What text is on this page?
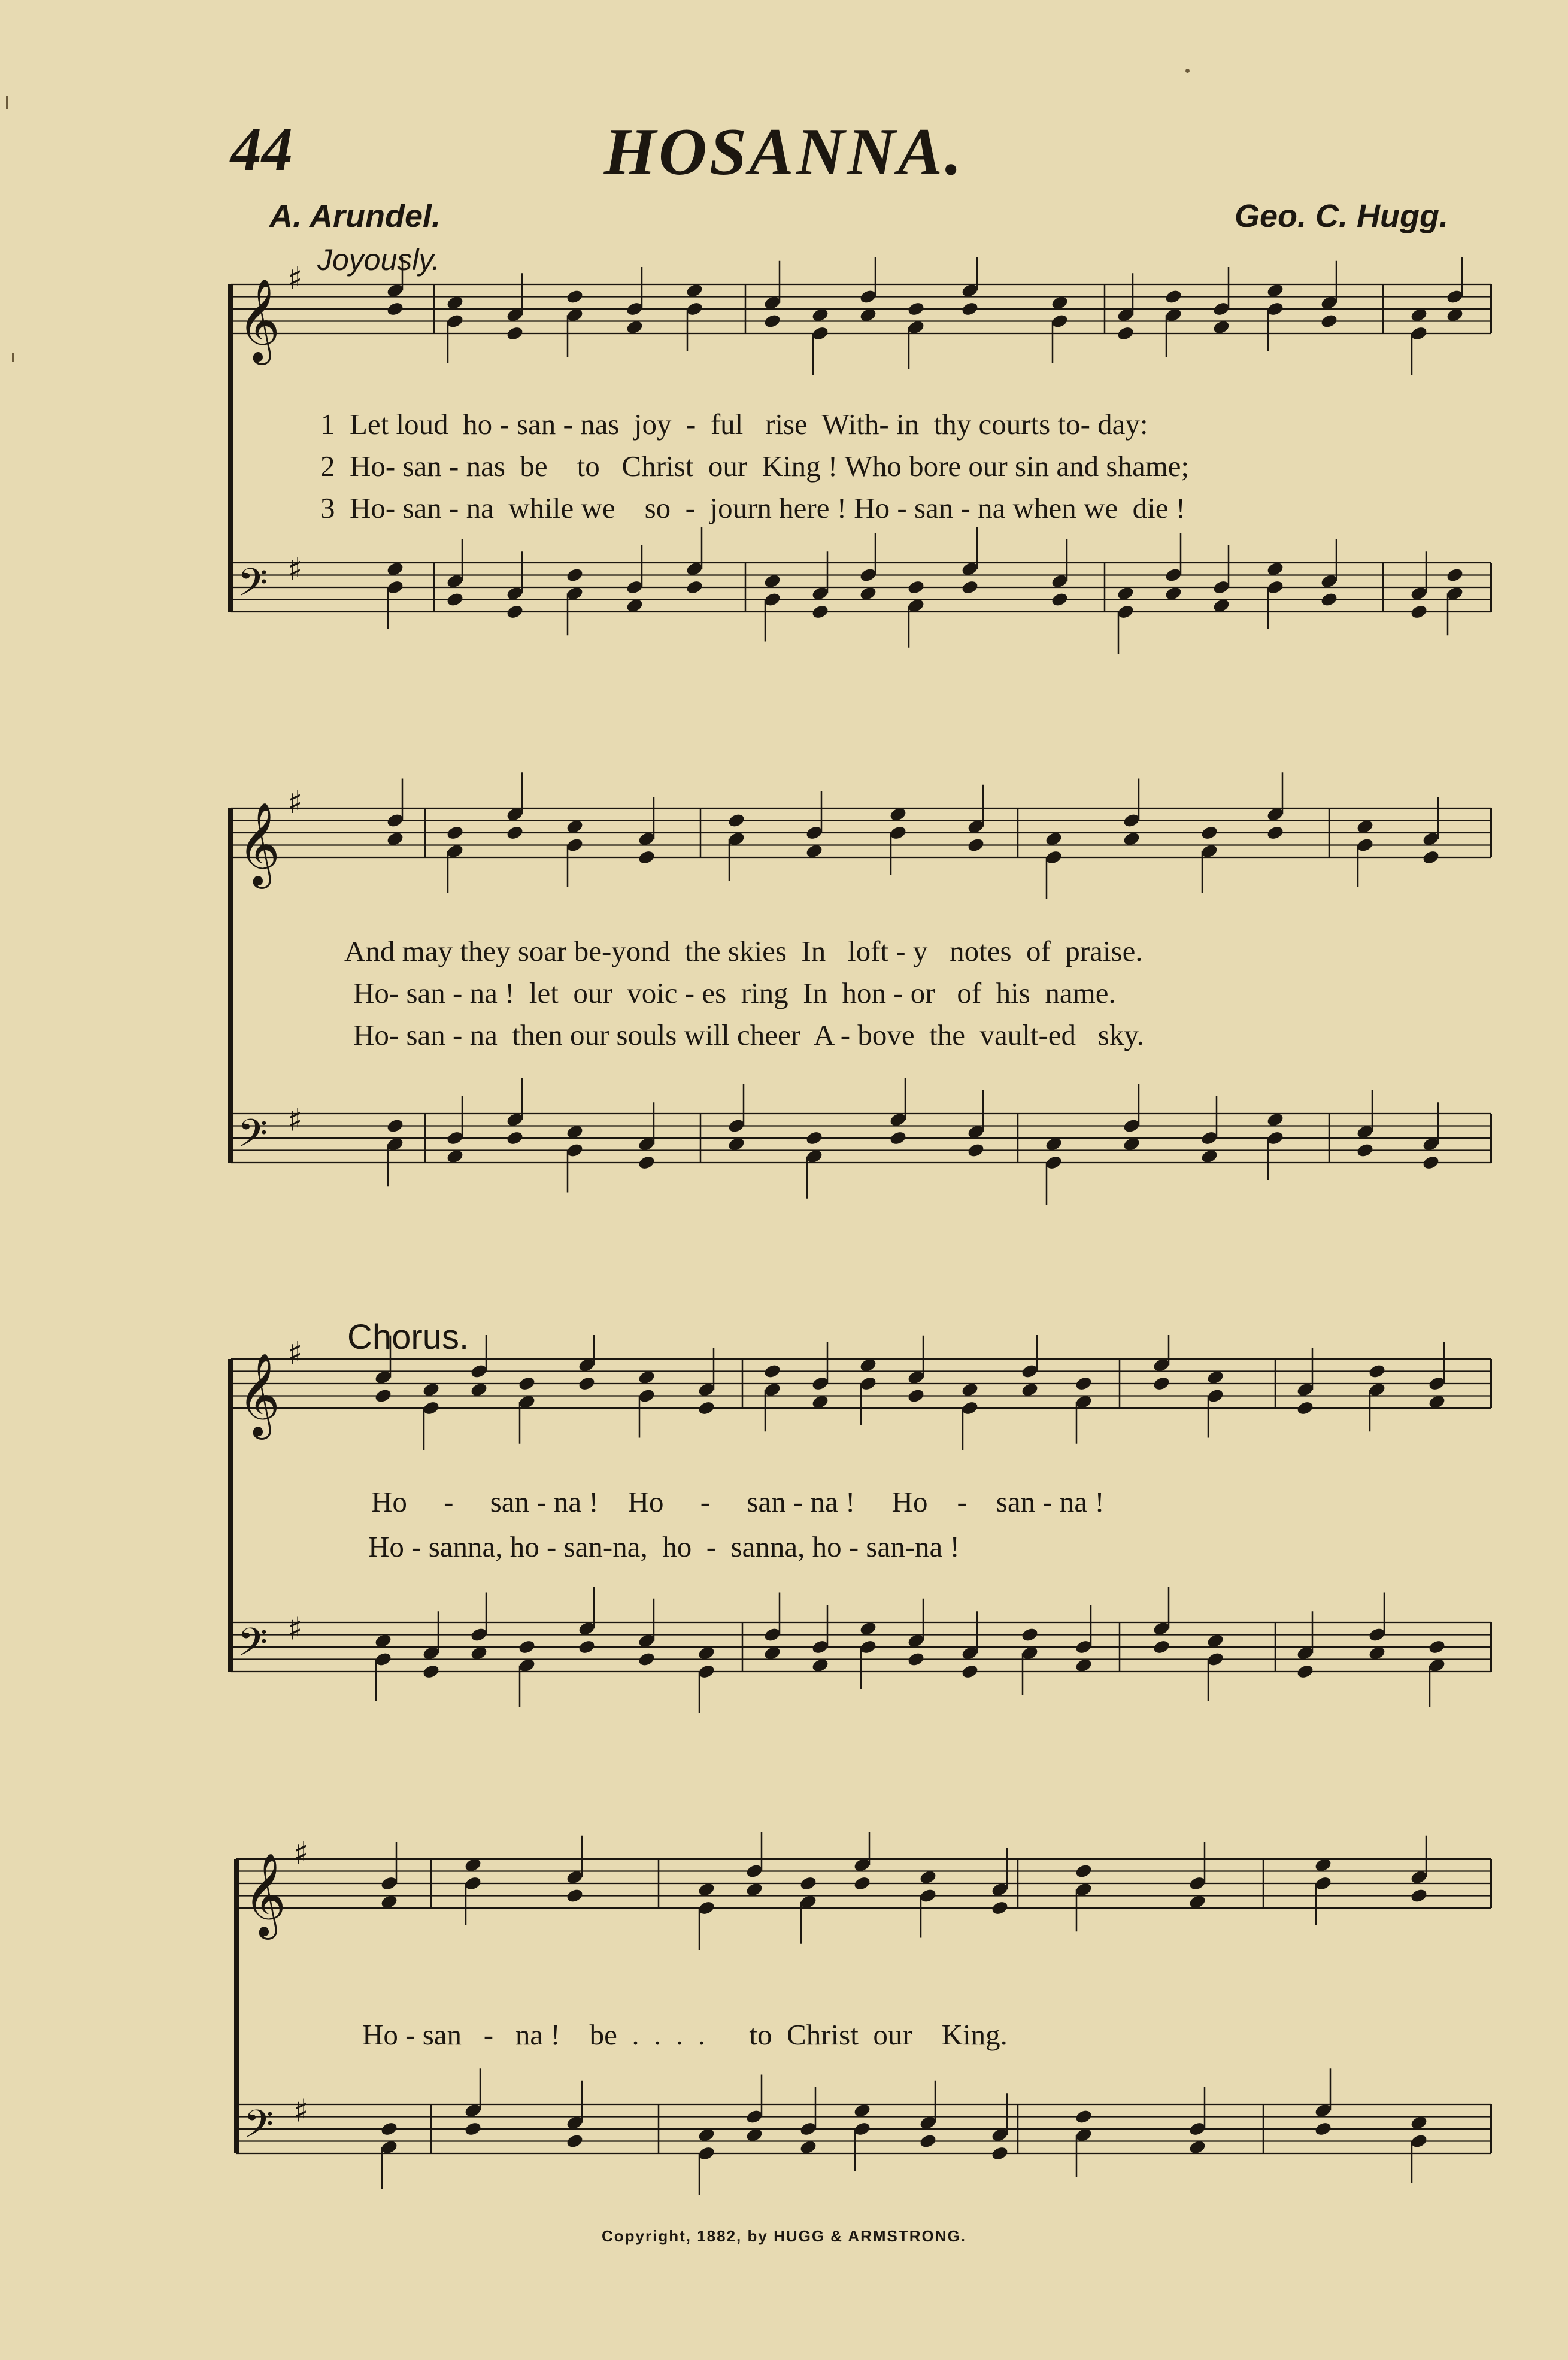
44	HOSANNA.
A. Arundel.	Geo. C. Hugg.
Joyously.
Chorus.
𝄞 ♯
𝄢 ♯
𝄞 ♯
𝄢 ♯
𝄞 ♯
𝄢 ♯
𝄞 ♯
𝄢 ♯
1  Let loud  ho - san - nas  joy  -  ful   rise  With- in  thy courts to- day:
2  Ho- san - nas  be    to   Christ  our  King ! Who bore our sin and shame;
3  Ho- san - na  while we    so  -  journ here ! Ho - san - na when we  die !
And may they soar be-yond  the skies  In   loft - y   notes  of  praise.
Ho- san - na !  let  our  voic - es  ring  In  hon - or   of  his  name.
Ho- san - na  then our souls will cheer  A - bove  the  vault-ed   sky.
Ho     -     san - na !    Ho     -     san - na !     Ho    -    san - na !
Ho - sanna, ho - san-na,  ho  -  sanna, ho - san-na !
Ho - san   -   na !    be  .  .  .  .      to  Christ  our    King.
Copyright, 1882, by HUGG & ARMSTRONG.
